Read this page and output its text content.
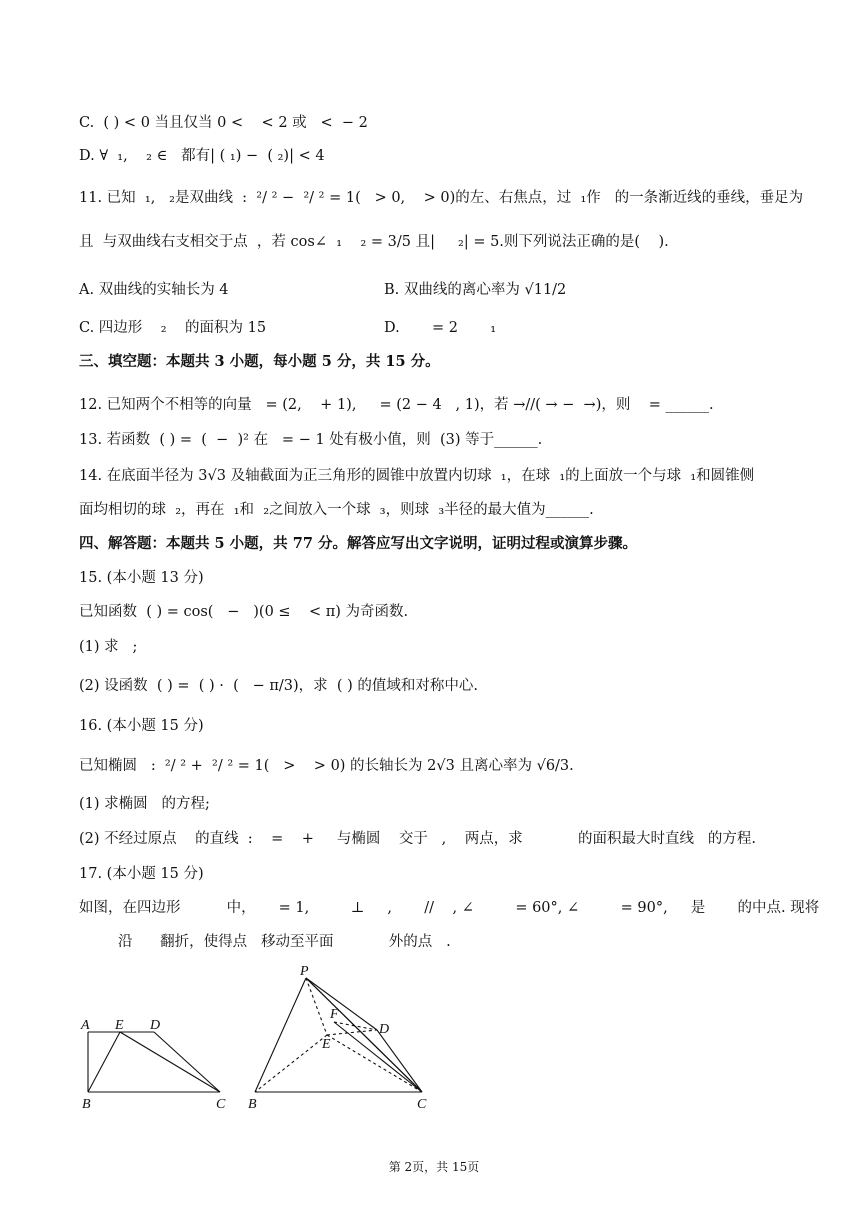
C.  ( ) < 0 当且仅当 0 <    < 2 或   <  − 2
D. ∀  ₁,    ₂ ∈   都有| ( ₁) −  ( ₂)| < 4
11. 已知  ₁,   ₂是双曲线  :  ²/ ² −  ²/ ² = 1(   > 0,    > 0)的左、右焦点，过  ₁作   的一条渐近线的垂线，垂足为
且  与双曲线右支相交于点  ，若 cos∠  ₁    ₂ = 3/5 且|     ₂| = 5.则下列说法正确的是(    ).
A. 双曲线的实轴长为 4	B. 双曲线的离心率为 √11/2
C. 四边形    ₂    的面积为 15	D.       = 2       ₁
三、填空题：本题共 3 小题，每小题 5 分，共 15 分。
12. 已知两个不相等的向量   = (2,    + 1),     = (2 − 4   , 1)，若 →//( → −  →)，则    = ______.
13. 若函数  ( ) =  (  −  )² 在   = − 1 处有极小值，则  (3) 等于______.
14. 在底面半径为 3√3 及轴截面为正三角形的圆锥中放置内切球  ₁，在球  ₁的上面放一个与球  ₁和圆锥侧
面均相切的球  ₂，再在  ₁和  ₂之间放入一个球  ₃，则球  ₃半径的最大值为______.
四、解答题：本题共 5 小题，共 77 分。解答应写出文字说明，证明过程或演算步骤。
15. (本小题 13 分)
已知函数  ( ) = cos(   −   )(0 ≤    < π) 为奇函数.
(1) 求   ;
(2) 设函数  ( ) =  ( ) ·  (   − π/3)，求  ( ) 的值域和对称中心.
16. (本小题 15 分)
已知椭圆   :  ²/ ² +  ²/ ² = 1(   >    > 0) 的长轴长为 2√3 且离心率为 √6/3.
(1) 求椭圆   的方程;
(2) 不经过原点    的直线  :    =    +     与椭圆    交于   ,    两点，求            的面积最大时直线   的方程.
17. (本小题 15 分)
如图，在四边形          中，     = 1,         ⊥     ,       //    , ∠         = 60°, ∠         = 90°,     是       的中点. 现将
沿      翻折，使得点   移动至平面            外的点   .
A E D
B	C
P
F
D
E
B	C
第 2页，共 15页
